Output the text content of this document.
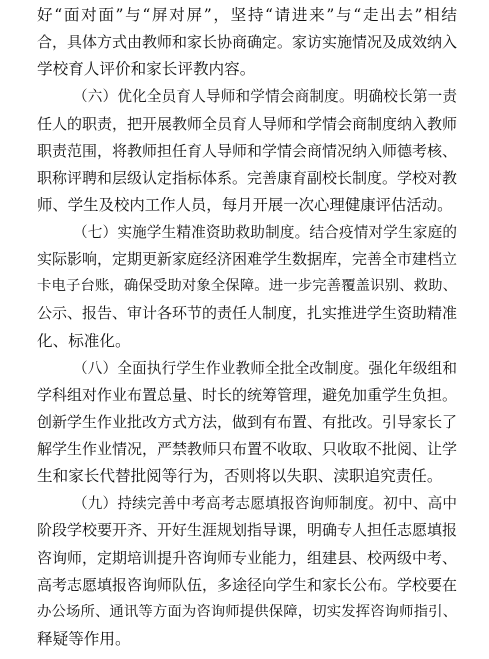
好“面对面”与“屏对屏”，坚持“请进来”与“走出去”相结
合，具体方式由教师和家长协商确定。家访实施情况及成效纳入
学校育人评价和家长评教内容。
（六）优化全员育人导师和学情会商制度。明确校长第一责
任人的职责，把开展教师全员育人导师和学情会商制度纳入教师
职责范围，将教师担任育人导师和学情会商情况纳入师德考核、
职称评聘和层级认定指标体系。完善康育副校长制度。学校对教
师、学生及校内工作人员，每月开展一次心理健康评估活动。
（七）实施学生精准资助救助制度。结合疫情对学生家庭的
实际影响，定期更新家庭经济困难学生数据库，完善全市建档立
卡电子台账，确保受助对象全保障。进一步完善覆盖识别、救助、
公示、报告、审计各环节的责任人制度，扎实推进学生资助精准
化、标准化。
（八）全面执行学生作业教师全批全改制度。强化年级组和
学科组对作业布置总量、时长的统筹管理，避免加重学生负担。
创新学生作业批改方式方法，做到有布置、有批改。引导家长了
解学生作业情况，严禁教师只布置不收取、只收取不批阅、让学
生和家长代替批阅等行为，否则将以失职、渎职追究责任。
（九）持续完善中考高考志愿填报咨询师制度。初中、高中
阶段学校要开齐、开好生涯规划指导课，明确专人担任志愿填报
咨询师，定期培训提升咨询师专业能力，组建县、校两级中考、
高考志愿填报咨询师队伍，多途径向学生和家长公布。学校要在
办公场所、通讯等方面为咨询师提供保障，切实发挥咨询师指引、
释疑等作用。
